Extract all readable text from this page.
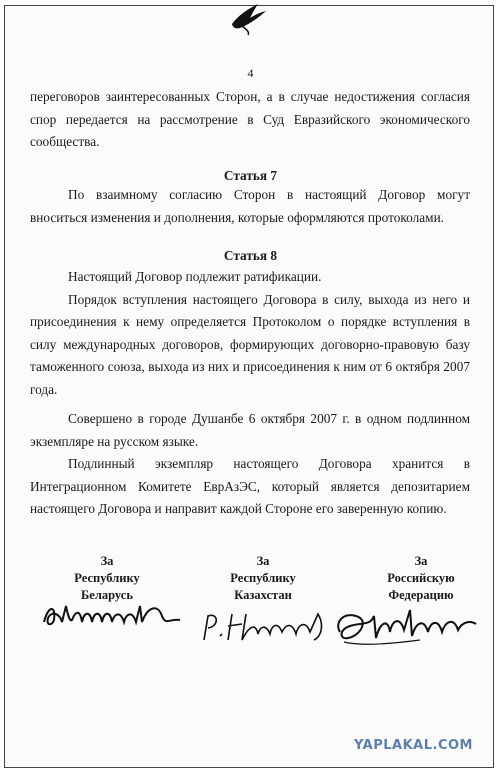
4

переговоров заинтересованных Сторон, а в случае недостижения согласия спор передается на рассмотрение в Суд Евразийского экономического сообщества.

Статья 7

По взаимному согласию Сторон в настоящий Договор могут вноситься изменения и дополнения, которые оформляются протоколами.

Статья 8

Настоящий Договор подлежит ратификации.

Порядок вступления настоящего Договора в силу, выхода из него и присоединения к нему определяется Протоколом о порядке вступления в силу международных договоров, формирующих договорно-правовую базу таможенного союза, выхода из них и присоединения к ним от 6 октября 2007 года.

Совершено в городе Душанбе 6 октября 2007 г. в одном подлинном экземпляре на русском языке.

Подлинный экземпляр настоящего Договора хранится в Интеграционном Комитете ЕврАзЭС, который является депозитарием настоящего Договора и направит каждой Стороне его заверенную копию.

За
Республику
Беларусь
За
Республику
Казахстан
За
Российскую
Федерацию
YAPLAKAL.COM
